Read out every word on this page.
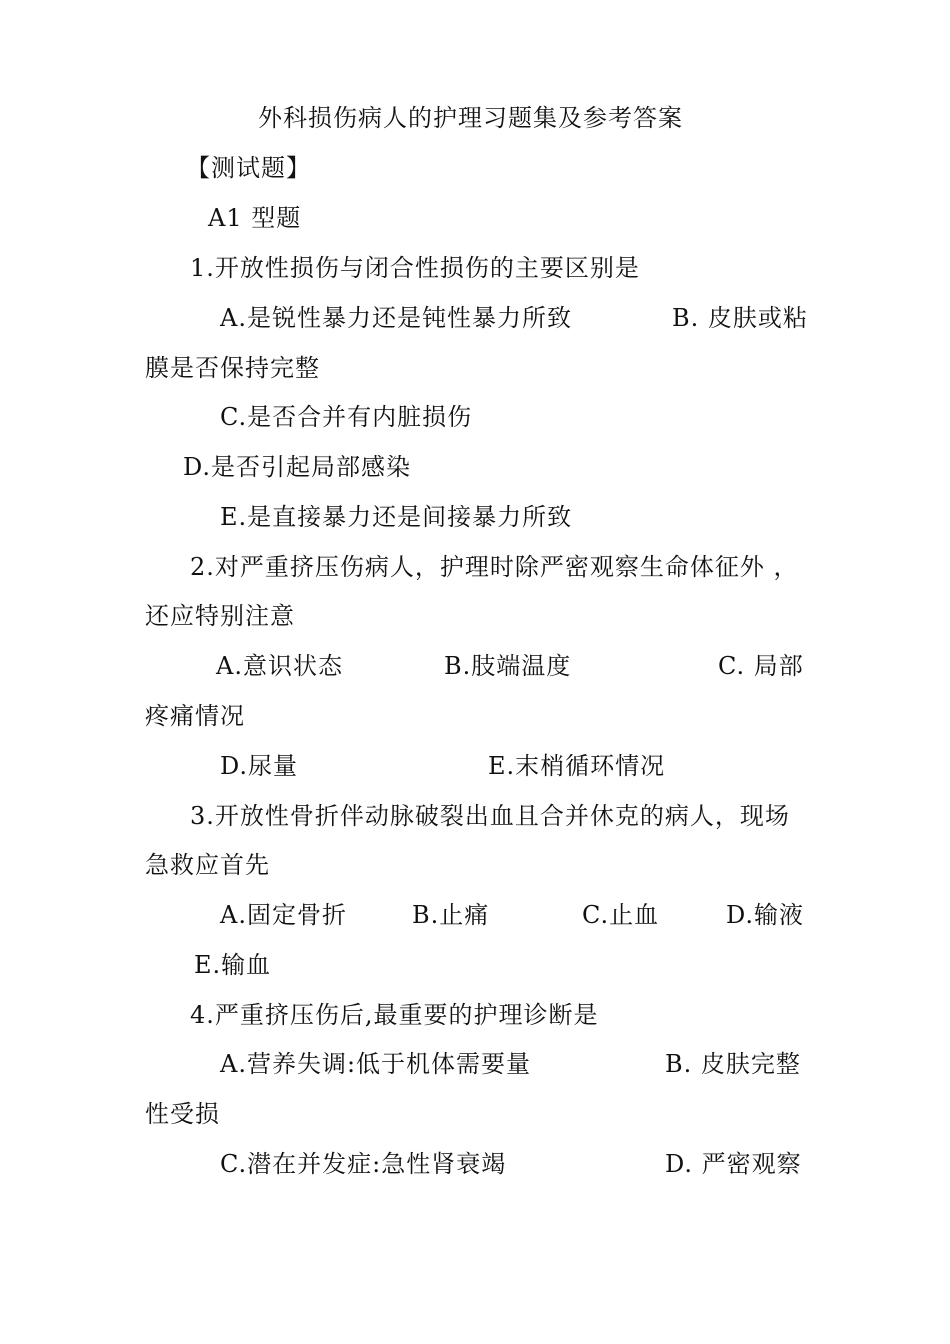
外科损伤病人的护理习题集及参考答案

【测试题】

A1 型题

1.开放性损伤与闭合性损伤的主要区别是

A.是锐性暴力还是钝性暴力所致	B. 皮肤或粘

膜是否保持完整

C.是否合并有内脏损伤

D.是否引起局部感染

E.是直接暴力还是间接暴力所致

2.对严重挤压伤病人，护理时除严密观察生命体征外 ，

还应特别注意

A.意识状态	B.肢端温度	C. 局部

疼痛情况

D.尿量	E.末梢循环情况

3.开放性骨折伴动脉破裂出血且合并休克的病人，现场

急救应首先

A.固定骨折	B.止痛	C.止血	D.输液

E.输血

4.严重挤压伤后,最重要的护理诊断是

A.营养失调:低于机体需要量	B. 皮肤完整

性受损

C.潜在并发症:急性肾衰竭	D. 严密观察
